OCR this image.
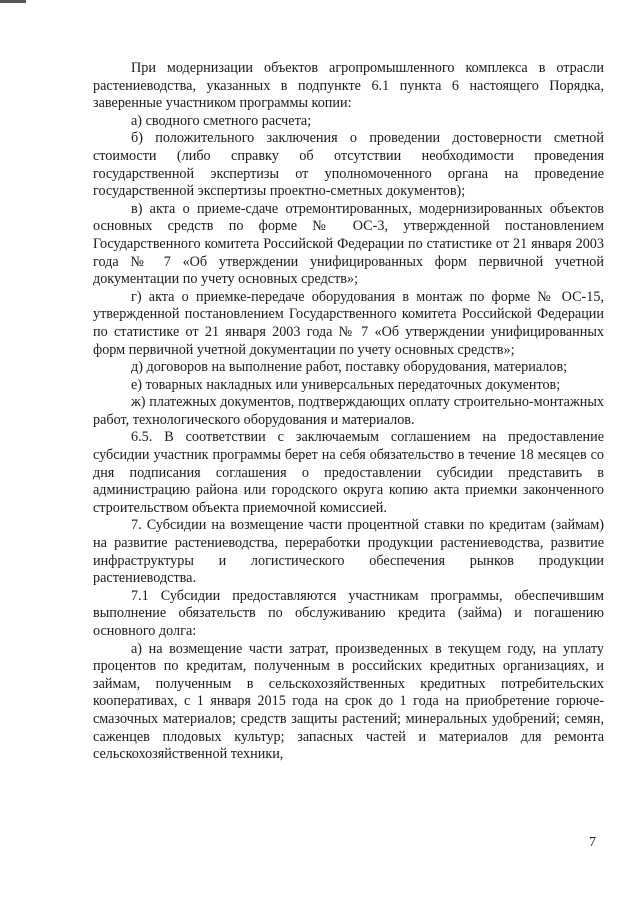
При модернизации объектов агропромышленного комплекса в отрасли растениеводства, указанных в подпункте 6.1 пункта 6 настоящего Порядка, заверенные участником программы копии:

а) сводного сметного расчета;

б) положительного заключения о проведении достоверности сметной стоимости (либо справку об отсутствии необходимости проведения государственной экспертизы от уполномоченного органа на проведение государственной экспертизы проектно-сметных документов);

в) акта о приеме-сдаче отремонтированных, модернизированных объектов основных средств по форме № ОС-3, утвержденной постановлением Государственного комитета Российской Федерации по статистике от 21 января 2003 года № 7 «Об утверждении унифицированных форм первичной учетной документации по учету основных средств»;

г) акта о приемке-передаче оборудования в монтаж по форме № ОС-15, утвержденной постановлением Государственного комитета Российской Федерации по статистике от 21 января 2003 года № 7 «Об утверждении унифицированных форм первичной учетной документации по учету основных средств»;

д) договоров на выполнение работ, поставку оборудования, материалов;

е) товарных накладных или универсальных передаточных документов;

ж) платежных документов, подтверждающих оплату строительно-монтажных работ, технологического оборудования и материалов.

6.5. В соответствии с заключаемым соглашением на предоставление субсидии участник программы берет на себя обязательство в течение 18 месяцев со дня подписания соглашения о предоставлении субсидии представить в администрацию района или городского округа копию акта приемки законченного строительством объекта приемочной комиссией.

7. Субсидии на возмещение части процентной ставки по кредитам (займам) на развитие растениеводства, переработки продукции растениеводства, развитие инфраструктуры и логистического обеспечения рынков продукции растениеводства.

7.1 Субсидии предоставляются участникам программы, обеспечившим выполнение обязательств по обслуживанию кредита (займа) и погашению основного долга:

а) на возмещение части затрат, произведенных в текущем году, на уплату процентов по кредитам, полученным в российских кредитных организациях, и займам, полученным в сельскохозяйственных кредитных потребительских кооперативах, с 1 января 2015 года на срок до 1 года на приобретение горюче-смазочных материалов; средств защиты растений; минеральных удобрений; семян, саженцев плодовых культур; запасных частей и материалов для ремонта сельскохозяйственной техники,

7
